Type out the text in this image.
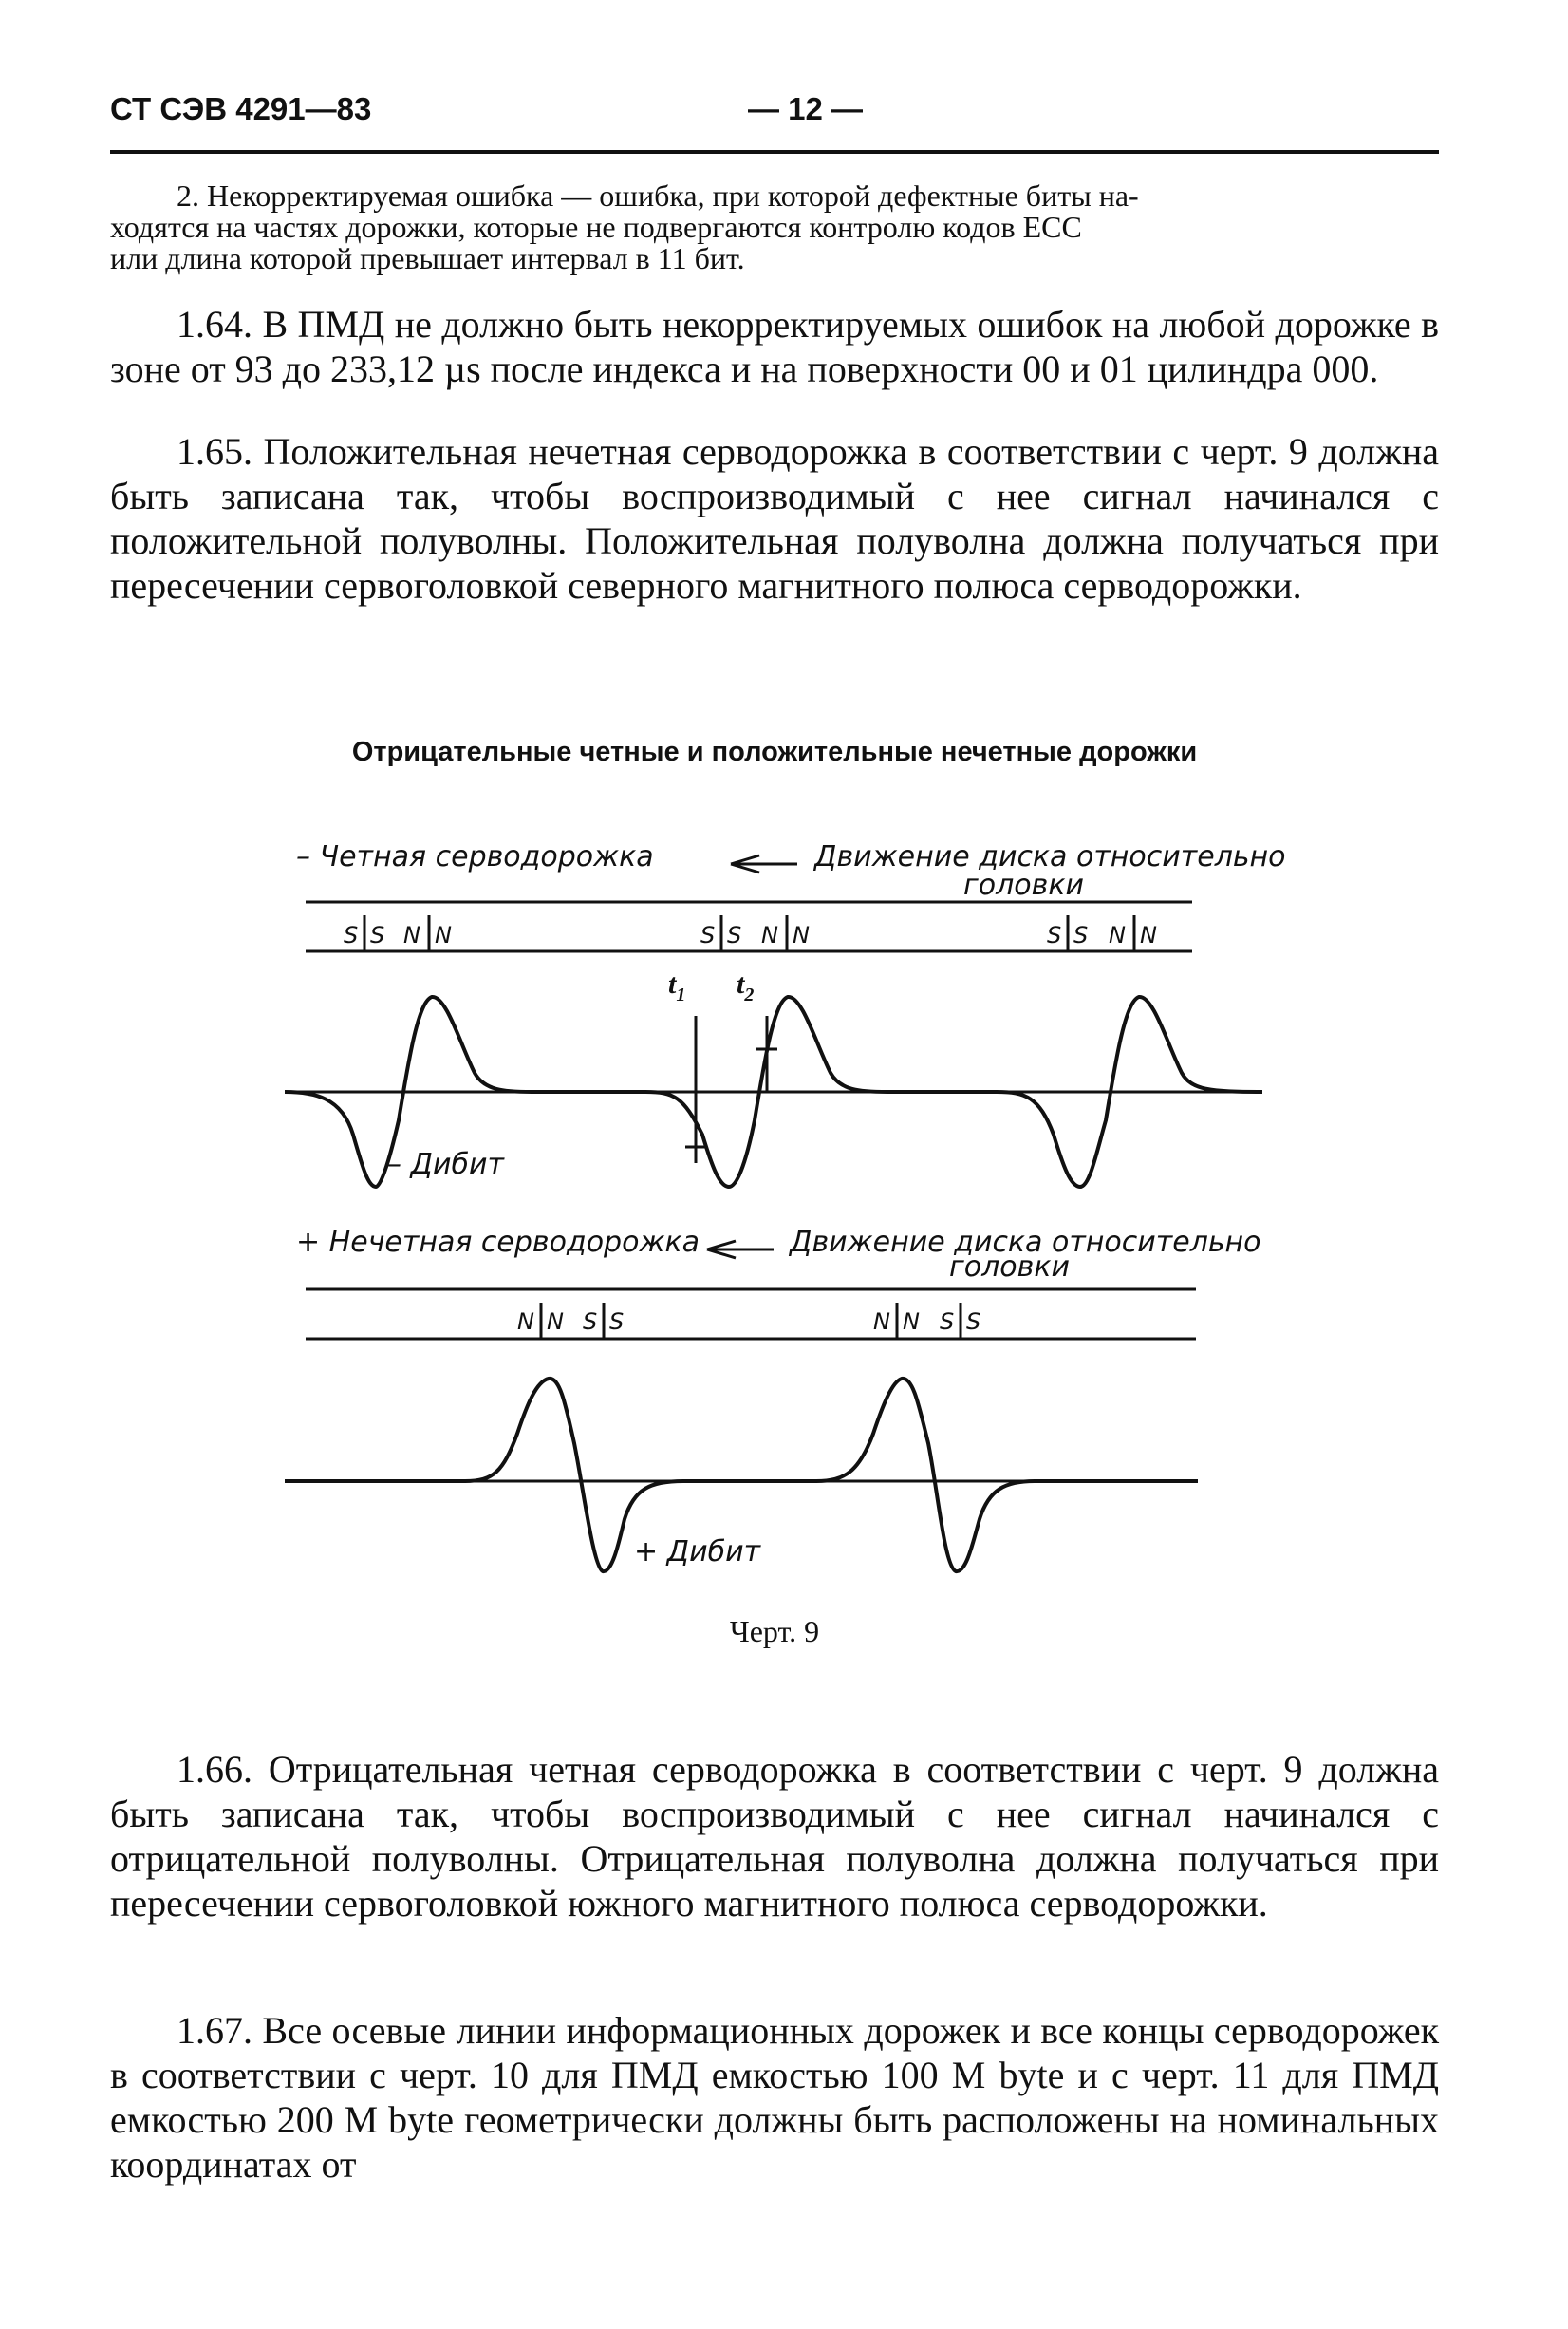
СТ СЭВ 4291—83	— 12 —
2. Некорректируемая ошибка — ошибка, при которой дефектные биты на-
ходятся на частях дорожки, которые не подвергаются контролю кодов ЕСС
или длина которой превышает интервал в 11 бит.

1.64. В ПМД не должно быть некорректируемых ошибок на любой дорожке в зоне от 93 до 233,12 µs после индекса и на поверхности 00 и 01 цилиндра 000.

1.65. Положительная нечетная серводорожка в соответствии с черт. 9 должна быть записана так, чтобы воспроизводимый с нее сигнал начинался с положительной полуволны. Положительная полуволна должна получаться при пересечении сервоголовкой северного магнитного полюса серводорожки.

Отрицательные четные и положительные нечетные дорожки
– Четная серводорожка	Движение диска относительно
головки
S S N N	S S N N	S S N N
$t_1$ $t_2$
– Дибит
+ Нечетная серводорожка	Движение диска относительно
головки
N N S S	N N S S
+ Дибит
Черт. 9

1.66. Отрицательная четная серводорожка в соответствии с черт. 9 должна быть записана так, чтобы воспроизводимый с нее сигнал начинался с отрицательной полуволны. Отрицательная полуволна должна получаться при пересечении сервоголовкой южного магнитного полюса серводорожки.

1.67. Все осевые линии информационных дорожек и все концы серводорожек в соответствии с черт. 10 для ПМД емкостью 100 M byte и с черт. 11 для ПМД емкостью 200 M byte геометрически должны быть расположены на номинальных координатах от
